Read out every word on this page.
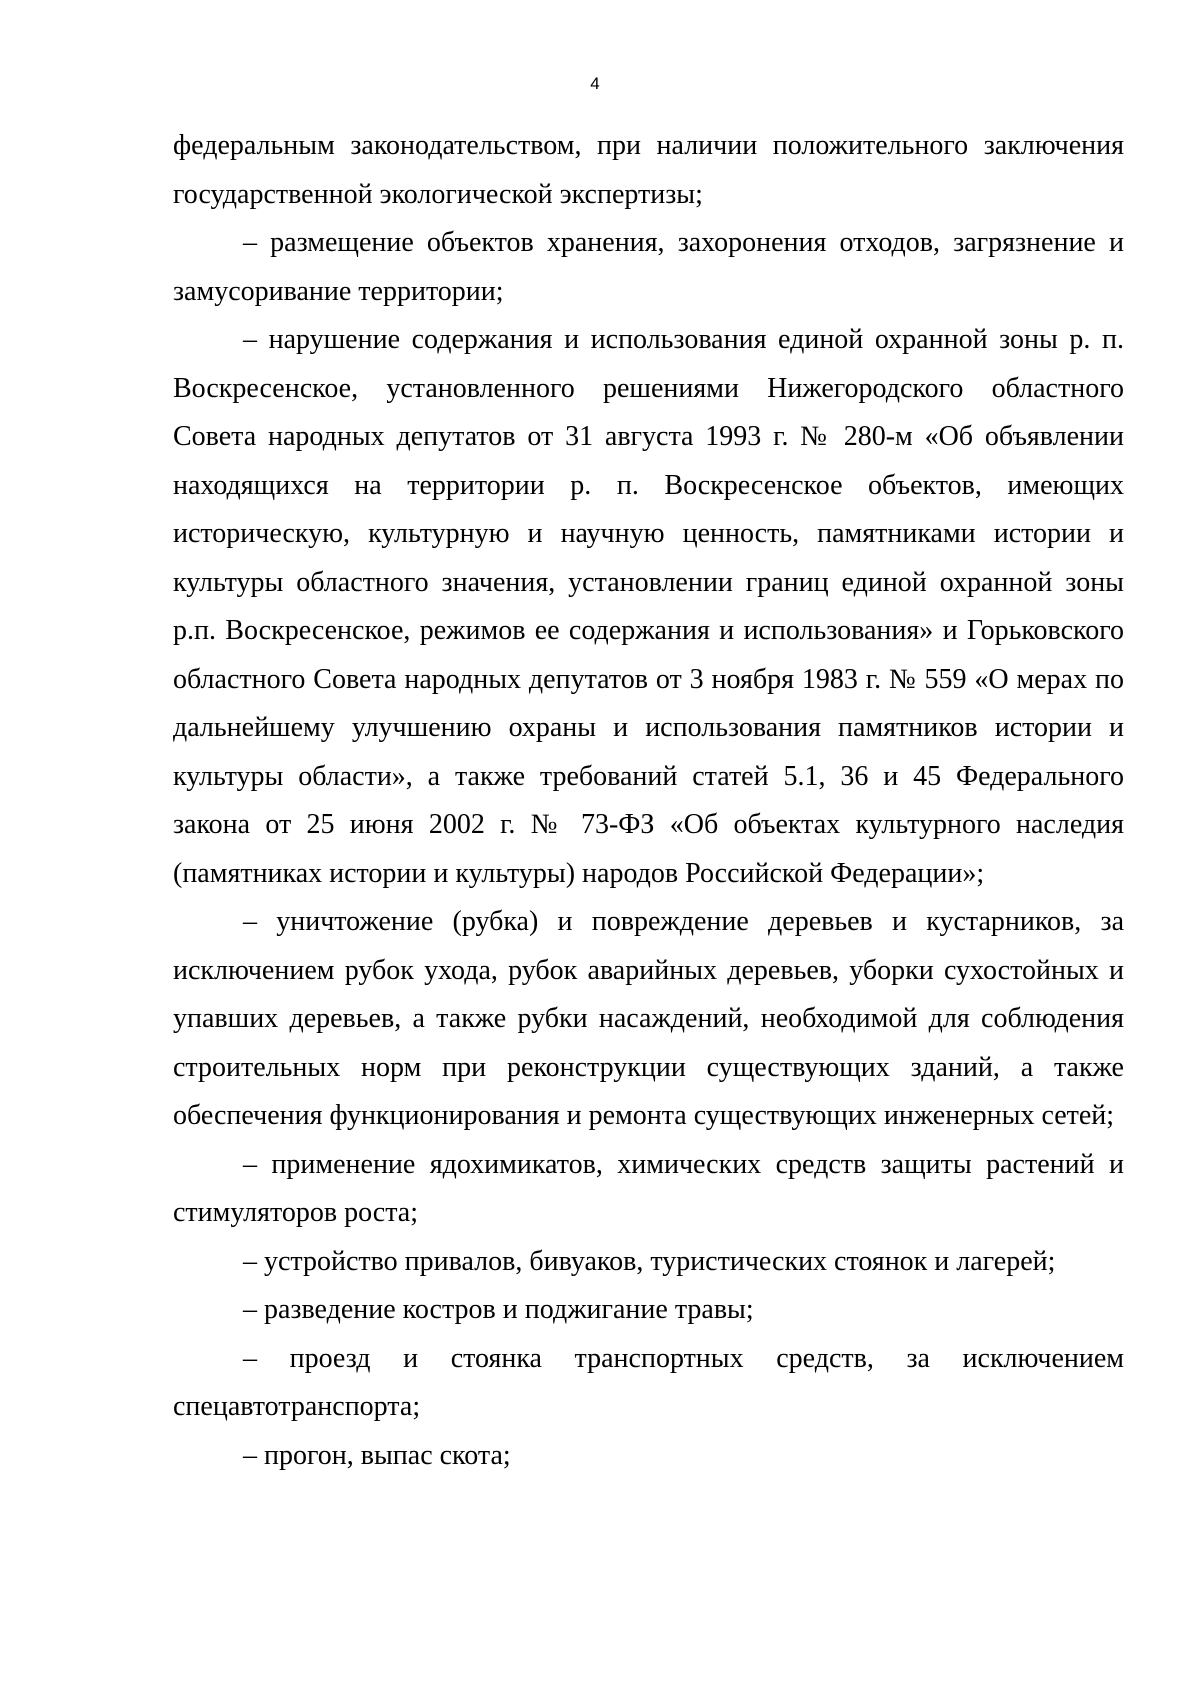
4

федеральным законодательством, при наличии положительного заключения государственной экологической экспертизы;

– размещение объектов хранения, захоронения отходов, загрязнение и замусоривание территории;

– нарушение содержания и использования единой охранной зоны р. п. Воскресенское, установленного решениями Нижегородского областного Совета народных депутатов от 31 августа 1993 г. № 280-м «Об объявлении находящихся на территории р. п. Воскресенское объектов, имеющих историческую, культурную и научную ценность, памятниками истории и культуры областного значения, установлении границ единой охранной зоны р.п. Воскресенское, режимов ее содержания и использования» и Горьковского областного Совета народных депутатов от 3 ноября 1983 г. № 559 «О мерах по дальнейшему улучшению охраны и использования памятников истории и культуры области», а также требований статей 5.1, 36 и 45 Федерального закона от 25 июня 2002 г. № 73-ФЗ «Об объектах культурного наследия (памятниках истории и культуры) народов Российской Федерации»;

– уничтожение (рубка) и повреждение деревьев и кустарников, за исключением рубок ухода, рубок аварийных деревьев, уборки сухостойных и упавших деревьев, а также рубки насаждений, необходимой для соблюдения строительных норм при реконструкции существующих зданий, а также обеспечения функционирования и ремонта существующих инженерных сетей;

– применение ядохимикатов, химических средств защиты растений и стимуляторов роста;

– устройство привалов, бивуаков, туристических стоянок и лагерей;

– разведение костров и поджигание травы;

– проезд и стоянка транспортных средств, за исключением спецавтотранспорта;

– прогон, выпас скота;
